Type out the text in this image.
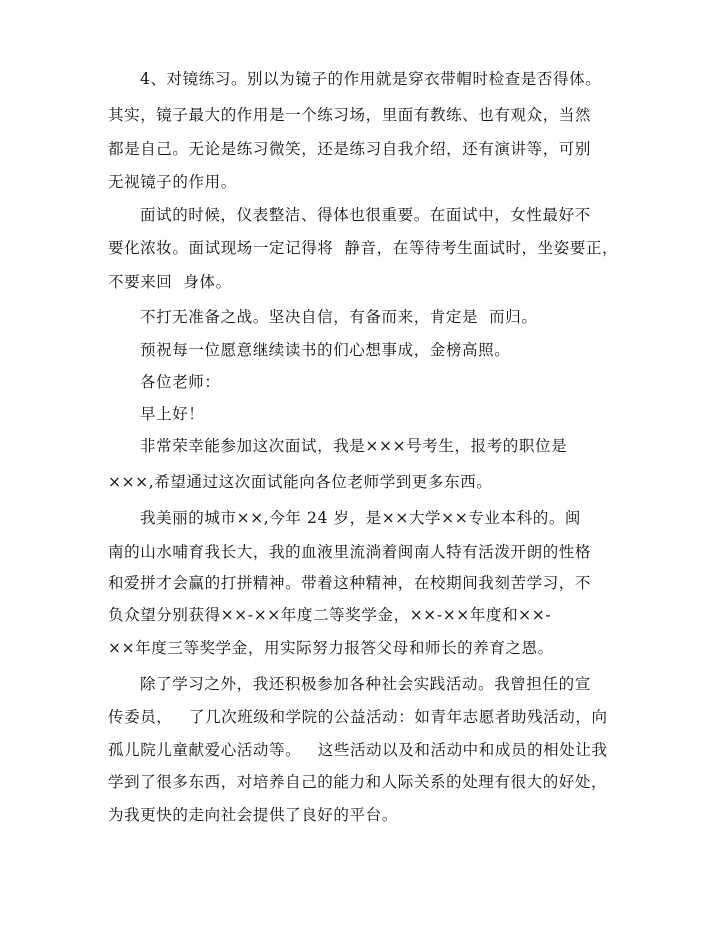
4、对镜练习。别以为镜子的作用就是穿衣带帽时检查是否得体。
其实，镜子最大的作用是一个练习场，里面有教练、也有观众，当然
都是自己。无论是练习微笑，还是练习自我介绍，还有演讲等，可别
无视镜子的作用。
面试的时候，仪表整洁、得体也很重要。在面试中，女性最好不
要化浓妆。面试现场一定记得将  静音，在等待考生面试时，坐姿要正，
不要来回  身体。
不打无准备之战。坚决自信，有备而来，肯定是  而归。
预祝每一位愿意继续读书的们心想事成，金榜高照。
各位老师：
早上好！
非常荣幸能参加这次面试，我是×××号考生，报考的职位是
×××,希望通过这次面试能向各位老师学到更多东西。
我美丽的城市××,今年 24 岁，是××大学××专业本科的。闽
南的山水哺育我长大，我的血液里流淌着闽南人特有活泼开朗的性格
和爱拼才会赢的打拼精神。带着这种精神，在校期间我刻苦学习，不
负众望分别获得××-××年度二等奖学金，××-××年度和××-
××年度三等奖学金，用实际努力报答父母和师长的养育之恩。
除了学习之外，我还积极参加各种社会实践活动。我曾担任的宣
传委员，   了几次班级和学院的公益活动：如青年志愿者助残活动，向
孤儿院儿童献爱心活动等。   这些活动以及和活动中和成员的相处让我
学到了很多东西，对培养自己的能力和人际关系的处理有很大的好处，
为我更快的走向社会提供了良好的平台。
